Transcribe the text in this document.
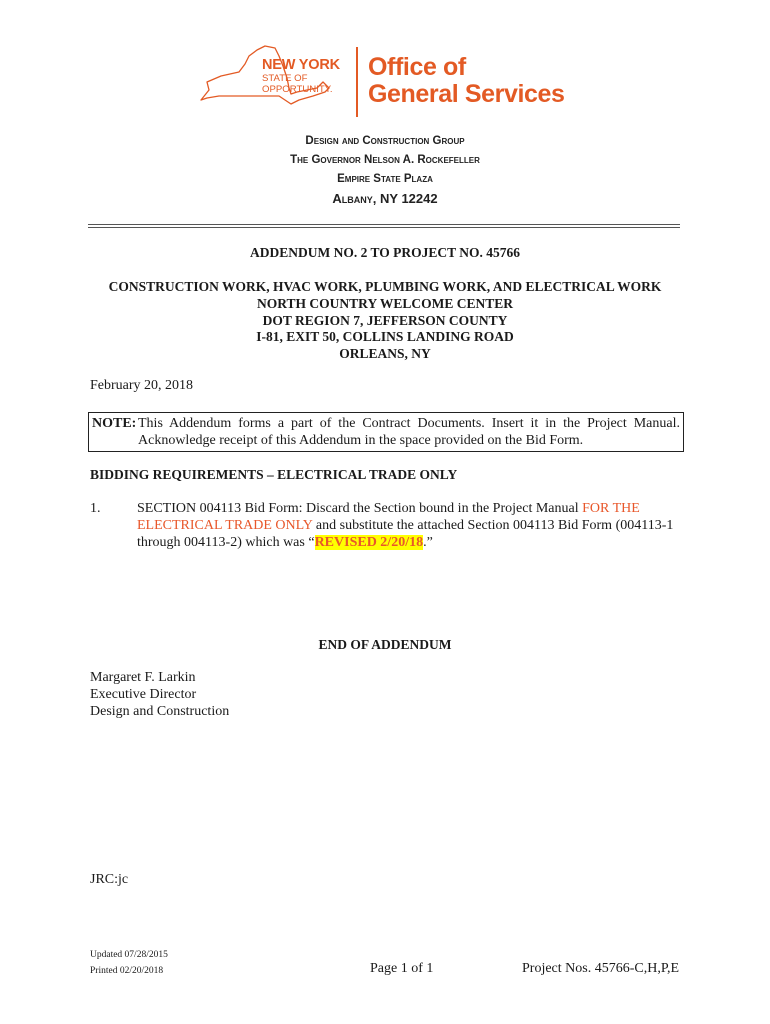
NEW YORK
STATE OF
OPPORTUNITY.
Office of
General Services
Design and Construction Group
The Governor Nelson A. Rockefeller
Empire State Plaza
Albany, NY 12242
ADDENDUM NO. 2 TO PROJECT NO. 45766
CONSTRUCTION WORK, HVAC WORK, PLUMBING WORK, AND ELECTRICAL WORK
NORTH COUNTRY WELCOME CENTER
DOT REGION 7, JEFFERSON COUNTY
I-81, EXIT 50, COLLINS LANDING ROAD
ORLEANS, NY
February 20, 2018
NOTE: This Addendum forms a part of the Contract Documents. Insert it in the Project Manual.
Acknowledge receipt of this Addendum in the space provided on the Bid Form.
BIDDING REQUIREMENTS – ELECTRICAL TRADE ONLY
1.	SECTION 004113 Bid Form: Discard the Section bound in the Project Manual FOR THE
ELECTRICAL TRADE ONLY and substitute the attached Section 004113 Bid Form (004113-1
through 004113-2) which was “REVISED 2/20/18.”
END OF ADDENDUM
Margaret F. Larkin
Executive Director
Design and Construction
JRC:jc
Updated 07/28/2015
Printed 02/20/2018	Page 1 of 1	Project Nos. 45766-C,H,P,E
